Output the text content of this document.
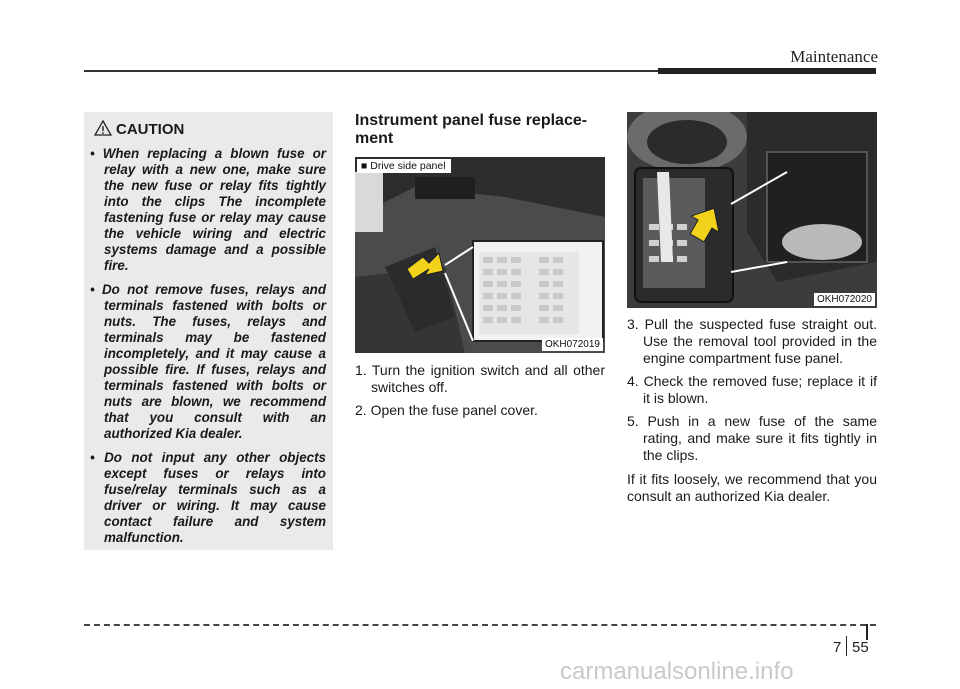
Maintenance
CAUTION
• When replacing a blown fuse or relay with a new one, make sure the new fuse or relay fits tightly into the clips The incomplete fastening fuse or relay may cause the vehicle wiring and electric systems damage and a possible fire.
• Do not remove fuses, relays and terminals fastened with bolts or nuts. The fuses, relays and terminals may be fastened incompletely, and it may cause a possible fire. If fuses, relays and terminals fastened with bolts or nuts are blown, we recommend that you consult with an authorized Kia dealer.
• Do not input any other objects except fuses or relays into fuse/relay terminals such as a driver or wiring. It may cause contact failure and system malfunction.
Instrument panel fuse replace-ment
■ Drive side panel
OKH072019
1. Turn the ignition switch and all other switches off.
2. Open the fuse panel cover.
OKH072020
3. Pull the suspected fuse straight out. Use the removal tool provided in the engine compartment fuse panel.
4. Check the removed fuse; replace it if it is blown.
5. Push in a new fuse of the same rating, and make sure it fits tightly in the clips.

If it fits loosely, we recommend that you consult an authorized Kia dealer.

7 55
carmanualsonline.info
